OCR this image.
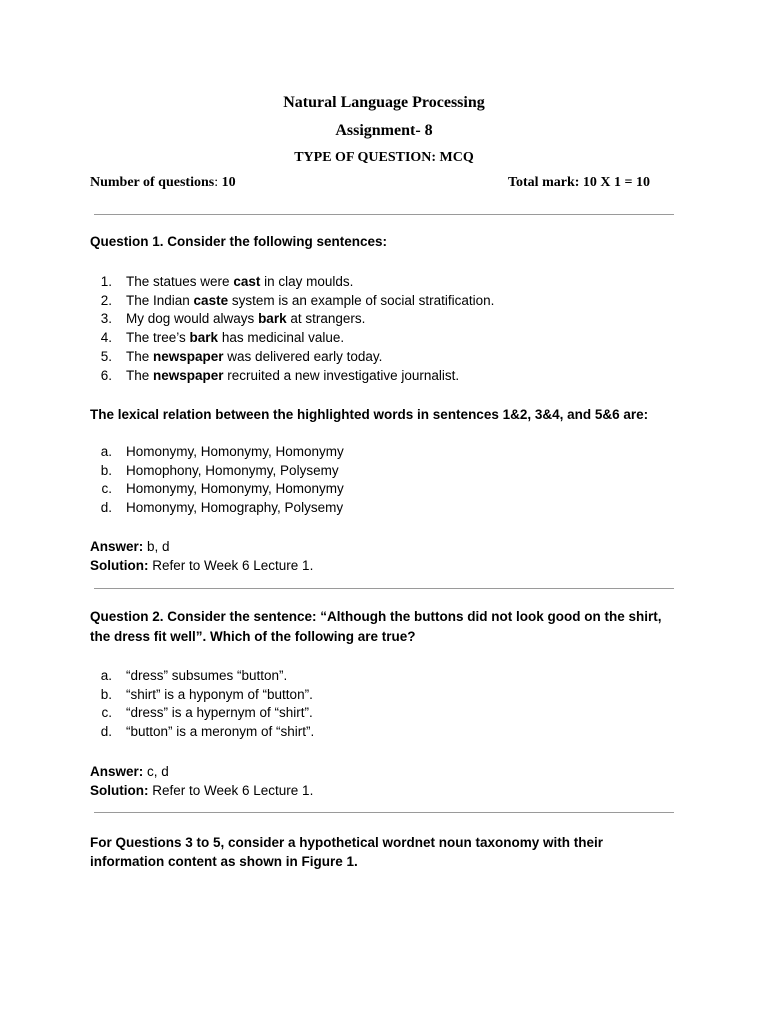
Natural Language Processing
Assignment- 8
TYPE OF QUESTION: MCQ
Number of questions: 10	Total mark: 10 X 1 = 10
Question 1. Consider the following sentences:
1. The statues were cast in clay moulds.
2. The Indian caste system is an example of social stratification.
3. My dog would always bark at strangers.
4. The tree’s bark has medicinal value.
5. The newspaper was delivered early today.
6. The newspaper recruited a new investigative journalist.
The lexical relation between the highlighted words in sentences 1&2, 3&4, and 5&6 are:
a. Homonymy, Homonymy, Homonymy
b. Homophony, Homonymy, Polysemy
c. Homonymy, Homonymy, Homonymy
d. Homonymy, Homography, Polysemy
Answer: b, d
Solution: Refer to Week 6 Lecture 1.
Question 2. Consider the sentence: “Although the buttons did not look good on the shirt,
the dress fit well”. Which of the following are true?
a. “dress” subsumes “button”.
b. “shirt” is a hyponym of “button”.
c. “dress” is a hypernym of “shirt”.
d. “button” is a meronym of “shirt”.
Answer: c, d
Solution: Refer to Week 6 Lecture 1.
For Questions 3 to 5, consider a hypothetical wordnet noun taxonomy with their
information content as shown in Figure 1.
